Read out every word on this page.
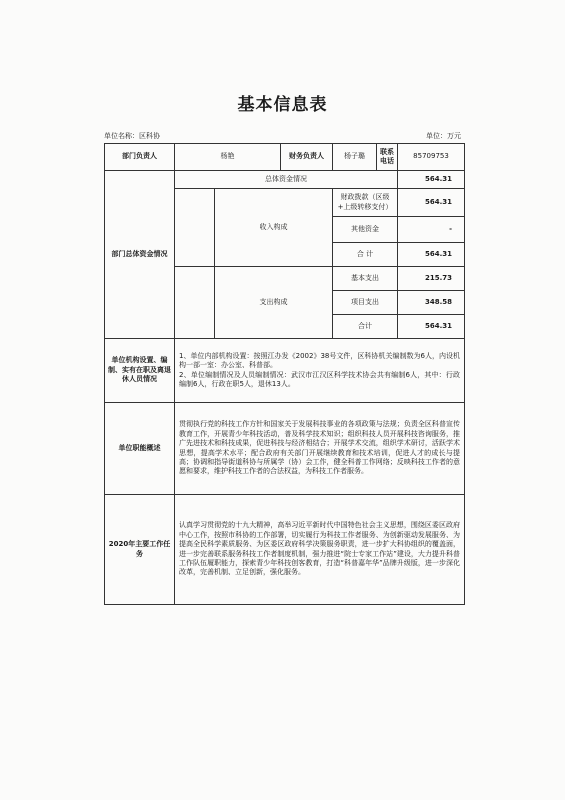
基本信息表
单位名称：区科协	单位：万元
部门负责人	杨艳		财务负责人	杨子璐	联系电话	85709753
部门总体资金情况	总体资金情况					564.31
		收入构成		财政拨款（区级+上级转移支付）		564.31
				其他资金		-
				合 计		564.31
		支出构成		基本支出		215.73
				项目支出		348.58
				合计		564.31
单位机构设置、编制、实有在职及离退休人员情况	1、单位内部机构设置：按照江办发《2002》38号文件，区科协机关编制数为6人，内设机构一部一室：办公室、科普部。

2、单位编制情况及人员编制情况：武汉市江汉区科学技术协会共有编制6人，其中：行政编制6人，行政在职5人，退休13人。					

单位职能概述	贯彻执行党的科技工作方针和国家关于发展科技事业的各项政策与法规；负责全区科普宣传教育工作，开展青少年科技活动，普及科学技术知识；组织科技人员开展科技咨询服务，推广先进技术和科技成果，促进科技与经济相结合；开展学术交流，组织学术研讨，活跃学术思想，提高学术水平；配合政府有关部门开展继续教育和技术培训，促进人才的成长与提高；协调和指导街道科协与所属学（协）会工作，健全科普工作网络；反映科技工作者的意愿和要求，维护科技工作者的合法权益，为科技工作者服务。					
2020年主要工作任务	认真学习贯彻党的十九大精神，高举习近平新时代中国特色社会主义思想，围绕区委区政府中心工作，按照市科协的工作部署，切实履行为科技工作者服务、为创新驱动发展服务、为提高全民科学素质服务、为区委区政府科学决策服务职责，进一步扩大科协组织的覆盖面，进一步完善联系服务科技工作者制度机制，强力推进“院士专家工作站”建设，大力提升科普工作队伍履职能力，探索青少年科技创客教育，打造“科普嘉年华”品牌升级版，进一步深化改革，完善机制、立足创新，强化服务。					
